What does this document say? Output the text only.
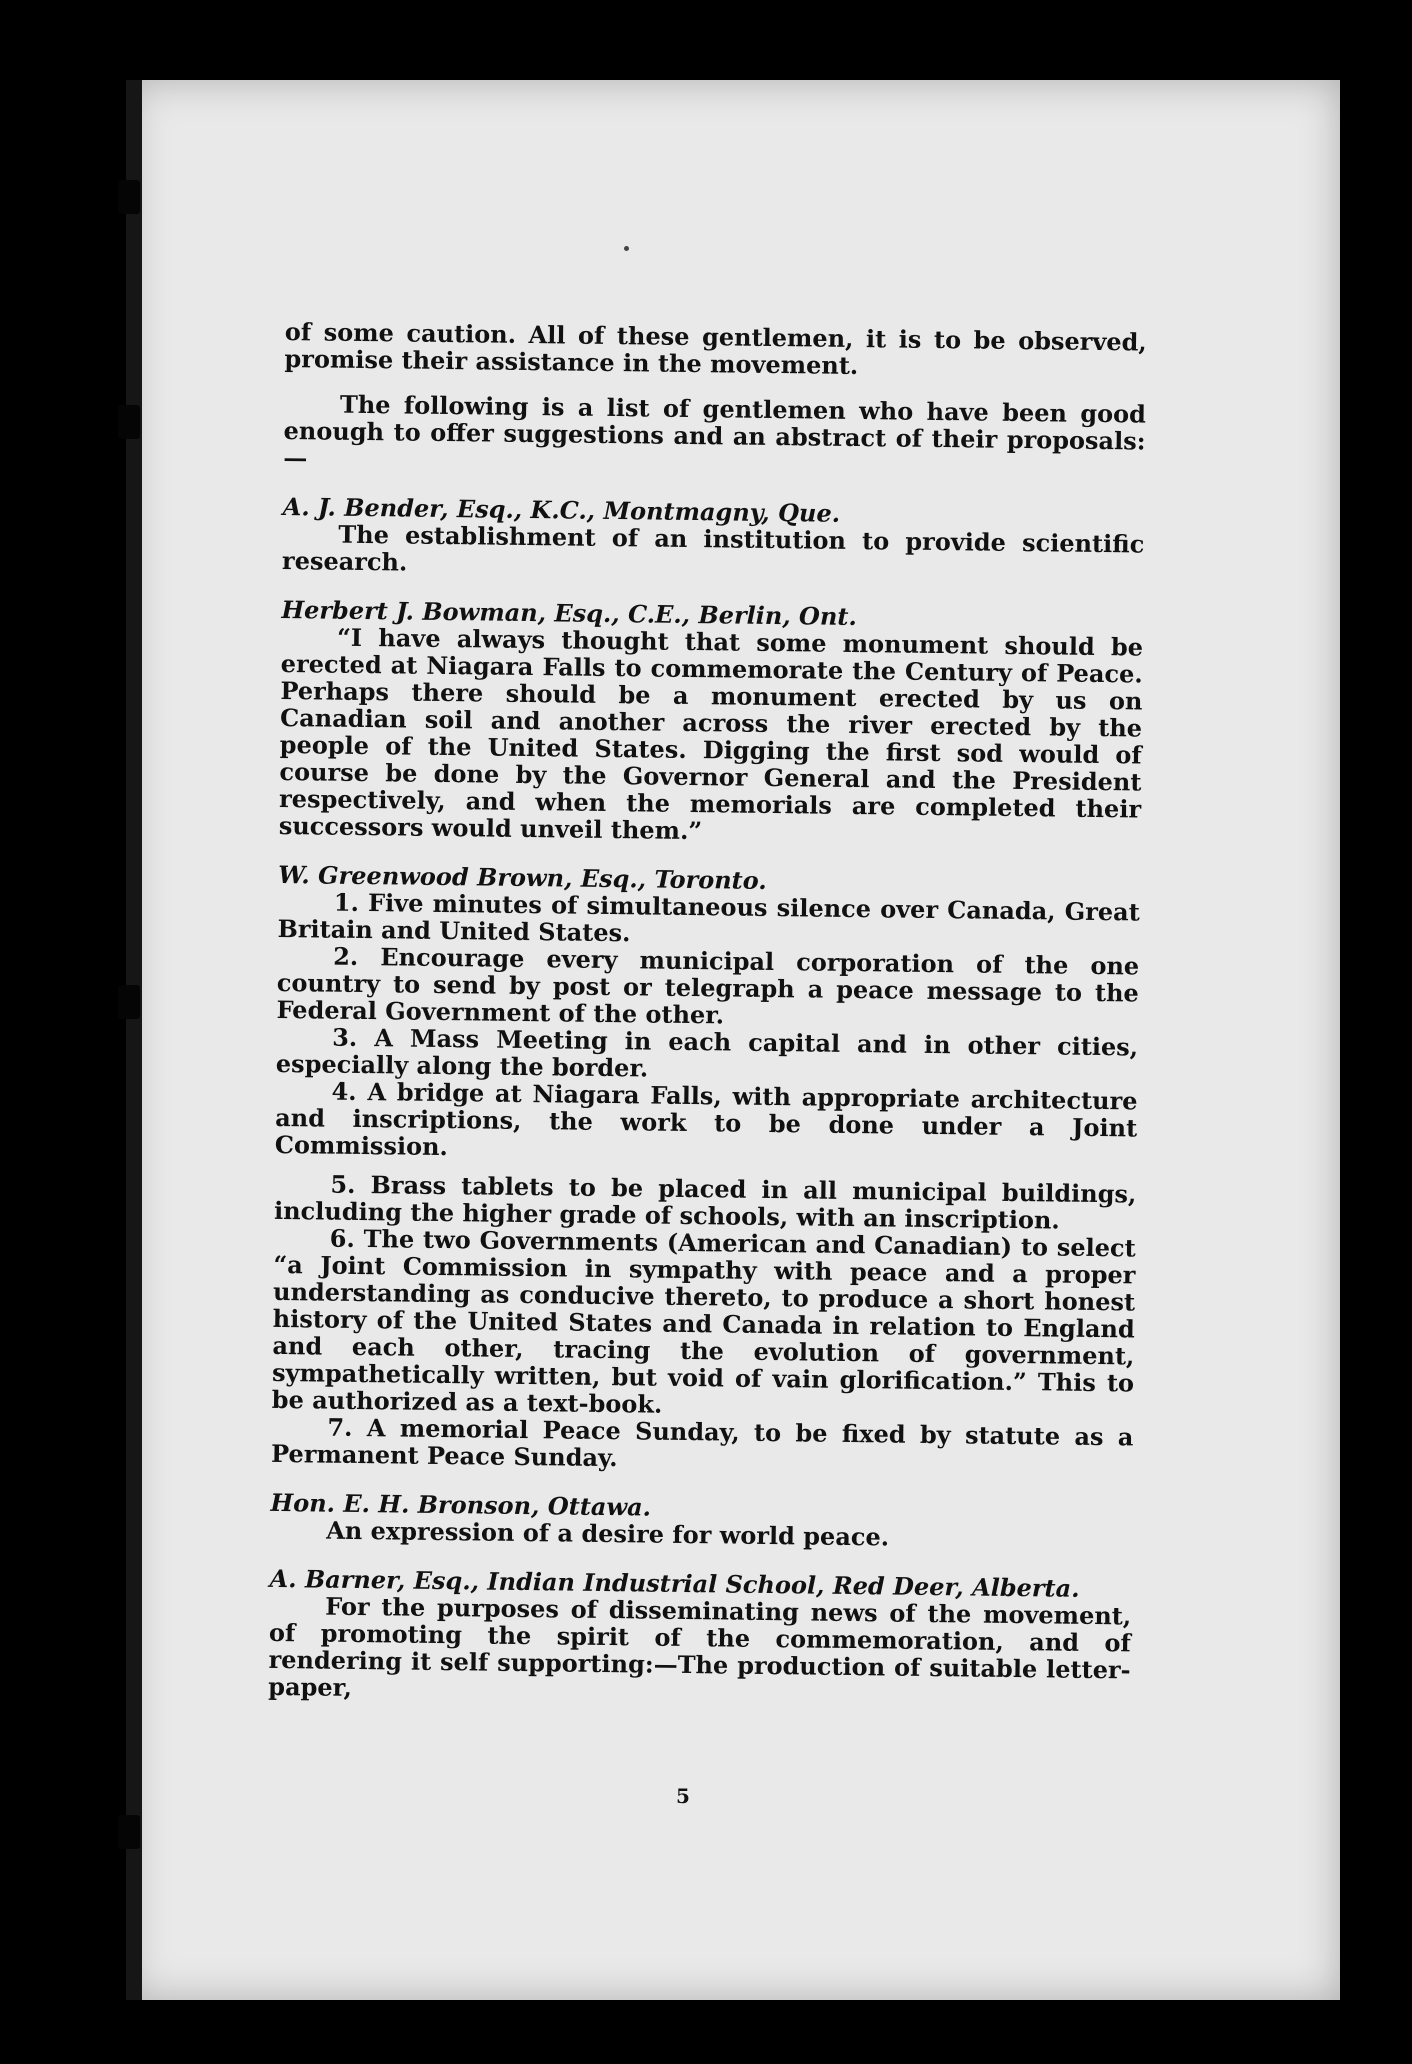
of some caution. All of these gentlemen, it is to be observed, promise their assistance in the movement.

The following is a list of gentlemen who have been good enough to offer suggestions and an abstract of their proposals:—

A. J. Bender, Esq., K.C., Montmagny, Que.

The establishment of an institution to provide scientific research.

Herbert J. Bowman, Esq., C.E., Berlin, Ont.

“I have always thought that some monument should be erected at Niagara Falls to commemorate the Century of Peace. Perhaps there should be a monument erected by us on Canadian soil and another across the river erected by the people of the United States. Digging the first sod would of course be done by the Governor General and the President respectively, and when the memorials are completed their successors would unveil them.”

W. Greenwood Brown, Esq., Toronto.

1. Five minutes of simultaneous silence over Canada, Great Britain and United States.

2. Encourage every municipal corporation of the one country to send by post or telegraph a peace message to the Federal Government of the other.

3. A Mass Meeting in each capital and in other cities, especially along the border.

4. A bridge at Niagara Falls, with appropriate architecture and inscriptions, the work to be done under a Joint Commission.

5. Brass tablets to be placed in all municipal buildings, including the higher grade of schools, with an inscription.

6. The two Governments (American and Canadian) to select “a Joint Commission in sympathy with peace and a proper understanding as conducive thereto, to produce a short honest history of the United States and Canada in relation to England and each other, tracing the evolution of government, sympathetically written, but void of vain glorification.” This to be authorized as a text-book.

7. A memorial Peace Sunday, to be fixed by statute as a Permanent Peace Sunday.

Hon. E. H. Bronson, Ottawa.

An expression of a desire for world peace.

A. Barner, Esq., Indian Industrial School, Red Deer, Alberta.

For the purposes of disseminating news of the movement, of promoting the spirit of the commemoration, and of rendering it self supporting:—The production of suitable letter-paper,

5
